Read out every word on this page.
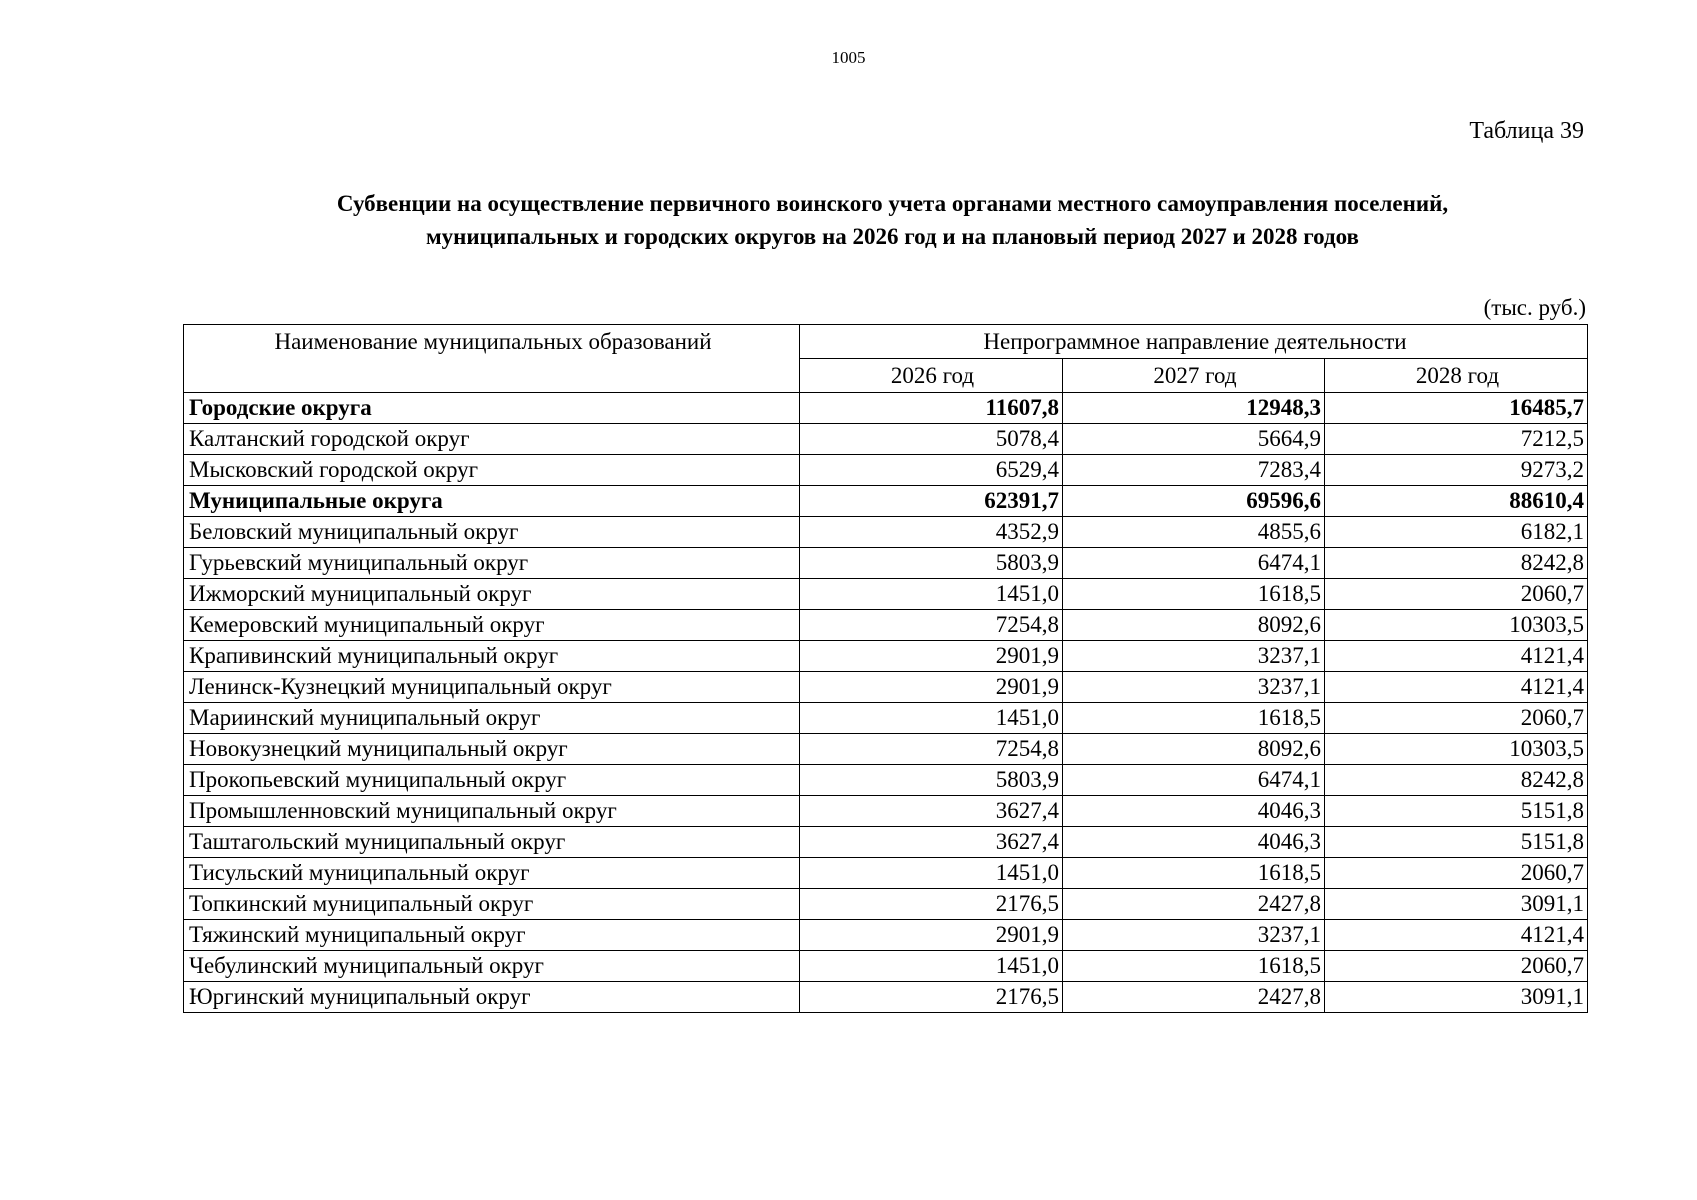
1005
Таблица 39
Субвенции на осуществление первичного воинского учета органами местного самоуправления поселений,
муниципальных и городских округов на 2026 год и на плановый период 2027 и 2028 годов
(тыс. руб.)
Наименование муниципальных образований	Непрограммное направление деятельности		
	2026 год	2027 год	2028 год
Городские округа	11607,8	12948,3	16485,7
Калтанский городской округ	5078,4	5664,9	7212,5
Мысковский городской округ	6529,4	7283,4	9273,2
Муниципальные округа	62391,7	69596,6	88610,4
Беловский муниципальный округ	4352,9	4855,6	6182,1
Гурьевский муниципальный округ	5803,9	6474,1	8242,8
Ижморский муниципальный округ	1451,0	1618,5	2060,7
Кемеровский муниципальный округ	7254,8	8092,6	10303,5
Крапивинский муниципальный округ	2901,9	3237,1	4121,4
Ленинск-Кузнецкий муниципальный округ	2901,9	3237,1	4121,4
Мариинский муниципальный округ	1451,0	1618,5	2060,7
Новокузнецкий муниципальный округ	7254,8	8092,6	10303,5
Прокопьевский муниципальный округ	5803,9	6474,1	8242,8
Промышленновский муниципальный округ	3627,4	4046,3	5151,8
Таштагольский муниципальный округ	3627,4	4046,3	5151,8
Тисульский муниципальный округ	1451,0	1618,5	2060,7
Топкинский муниципальный округ	2176,5	2427,8	3091,1
Тяжинский муниципальный округ	2901,9	3237,1	4121,4
Чебулинский муниципальный округ	1451,0	1618,5	2060,7
Юргинский муниципальный округ	2176,5	2427,8	3091,1
